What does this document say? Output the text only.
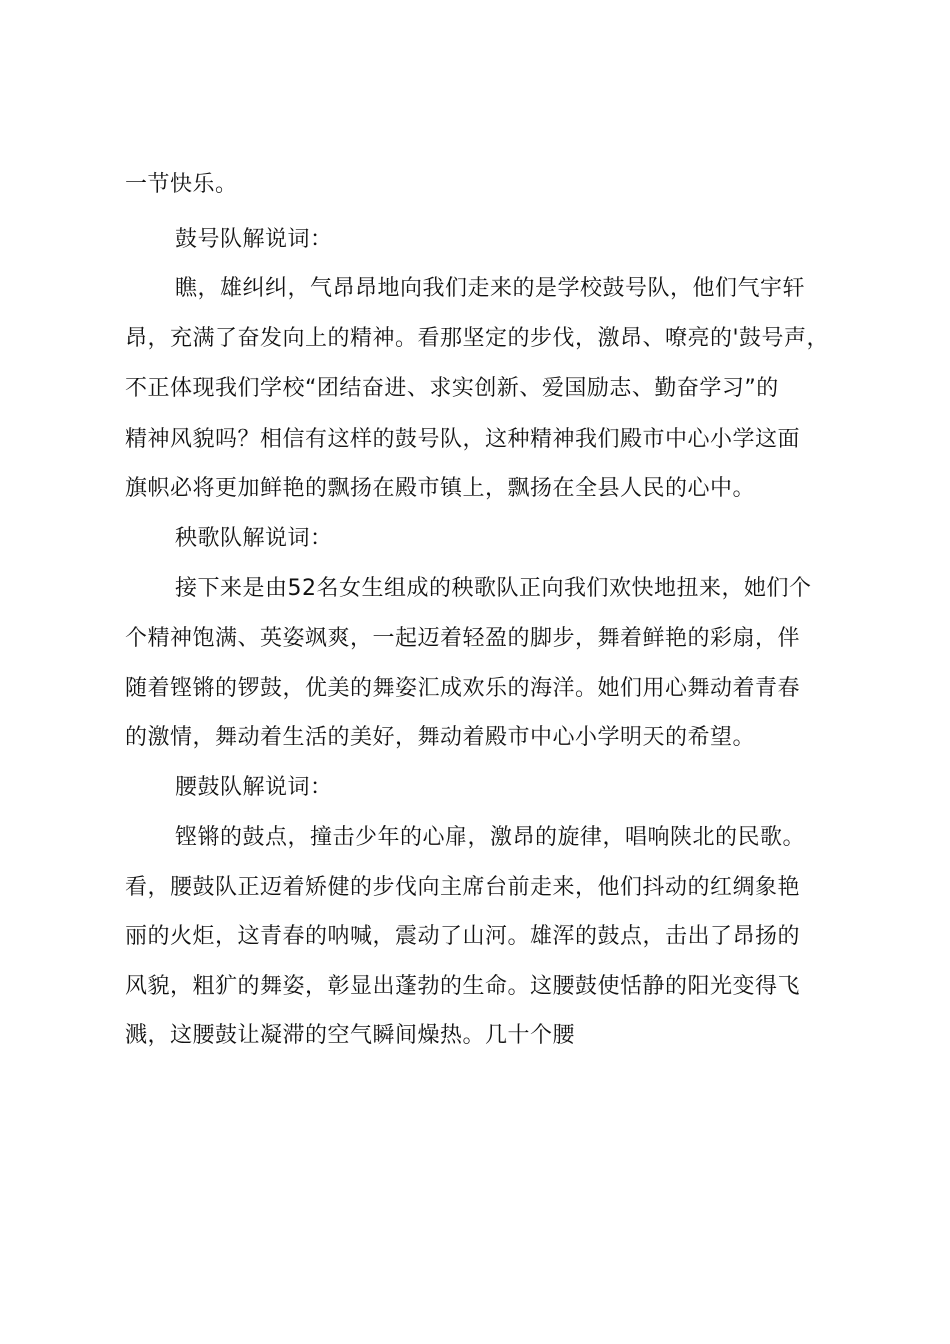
一节快乐。
鼓号队解说词：
瞧，雄纠纠，气昂昂地向我们走来的是学校鼓号队，他们气宇轩
昂，充满了奋发向上的精神。看那坚定的步伐，激昂、嘹亮的'鼓号声，
不正体现我们学校“团结奋进、求实创新、爱国励志、勤奋学习”的
精神风貌吗？相信有这样的鼓号队，这种精神我们殿市中心小学这面
旗帜必将更加鲜艳的飘扬在殿市镇上，飘扬在全县人民的心中。
秧歌队解说词：
接下来是由52名女生组成的秧歌队正向我们欢快地扭来，她们个
个精神饱满、英姿飒爽，一起迈着轻盈的脚步，舞着鲜艳的彩扇，伴
随着铿锵的锣鼓，优美的舞姿汇成欢乐的海洋。她们用心舞动着青春
的激情，舞动着生活的美好，舞动着殿市中心小学明天的希望。
腰鼓队解说词：
铿锵的鼓点，撞击少年的心扉，激昂的旋律，唱响陕北的民歌。
看，腰鼓队正迈着矫健的步伐向主席台前走来，他们抖动的红绸象艳
丽的火炬，这青春的呐喊，震动了山河。雄浑的鼓点，击出了昂扬的
风貌，粗犷的舞姿，彰显出蓬勃的生命。这腰鼓使恬静的阳光变得飞
溅，这腰鼓让凝滞的空气瞬间燥热。几十个腰
